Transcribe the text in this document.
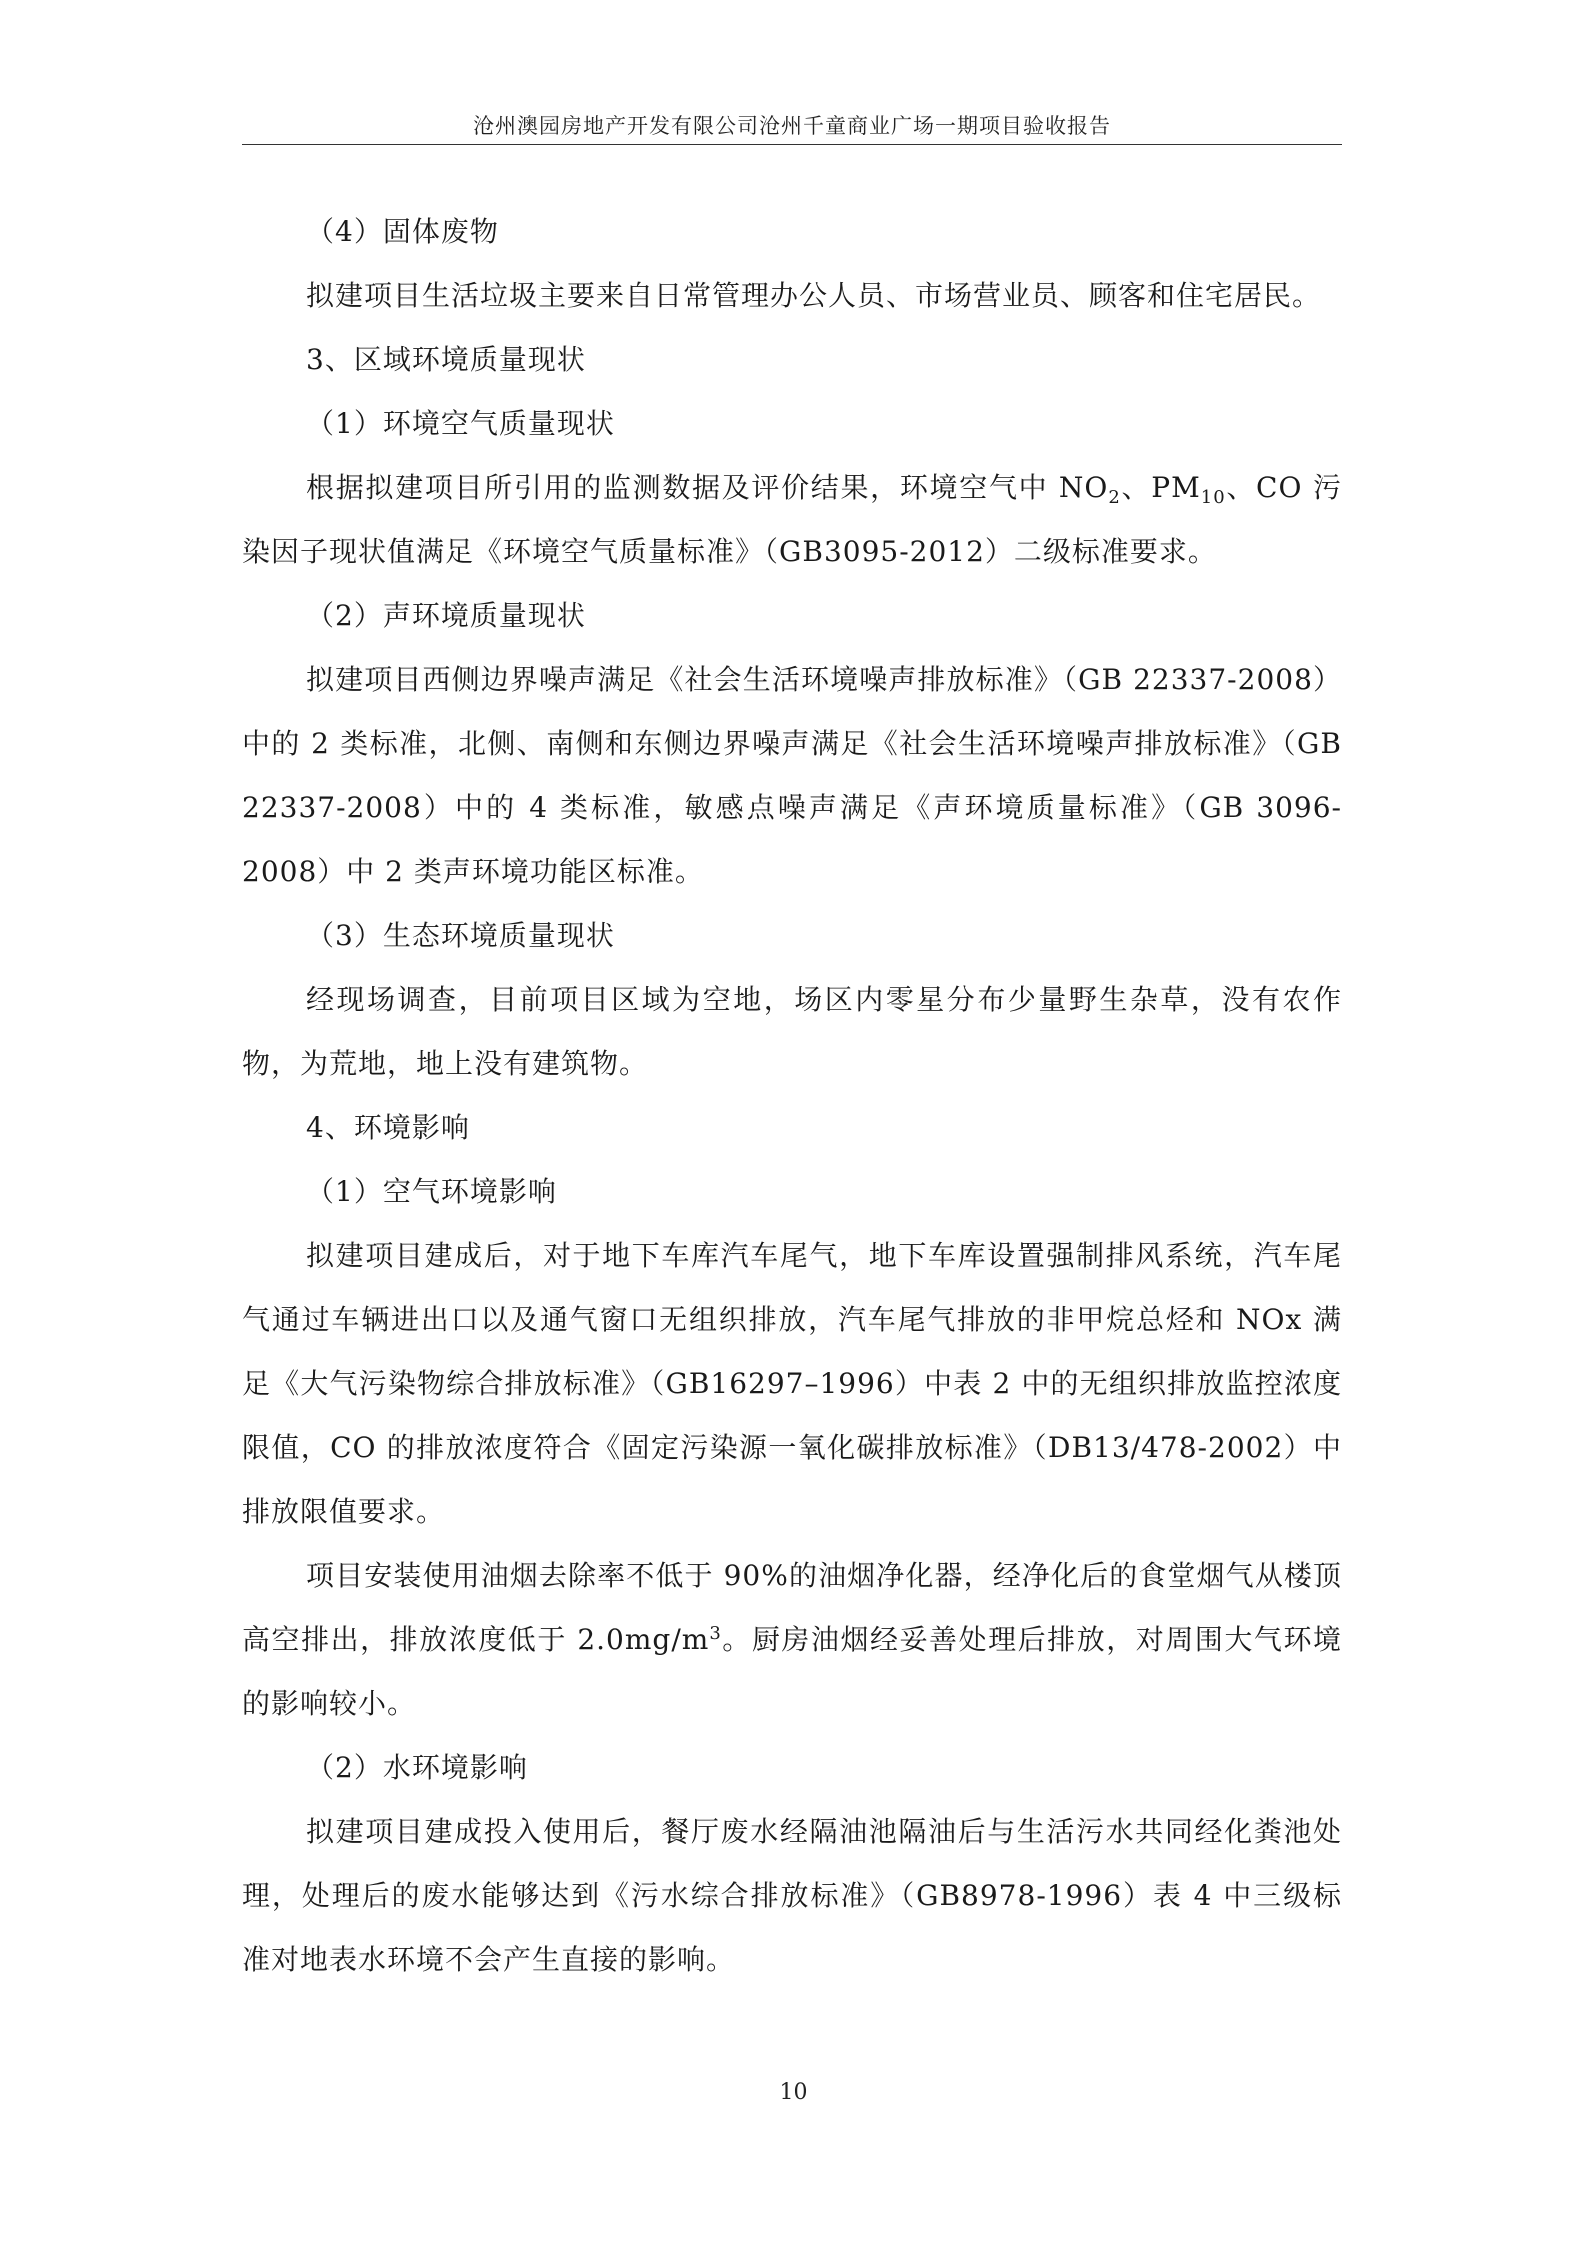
沧州澳园房地产开发有限公司沧州千童商业广场一期项目验收报告

（4）固体废物

拟建项目生活垃圾主要来自日常管理办公人员、市场营业员、顾客和住宅居民。

3、区域环境质量现状

（1）环境空气质量现状

根据拟建项目所引用的监测数据及评价结果，环境空气中 $NO_2$、$PM_{10}$、CO 污染因子现状值满足《环境空气质量标准》（GB3095-2012）二级标准要求。

（2）声环境质量现状

拟建项目西侧边界噪声满足《社会生活环境噪声排放标准》（GB 22337-2008）中的 2 类标准，北侧、南侧和东侧边界噪声满足《社会生活环境噪声排放标准》（GB 22337-2008）中的 4 类标准，敏感点噪声满足《声环境质量标准》（GB 3096-2008）中 2 类声环境功能区标准。

（3）生态环境质量现状

经现场调查，目前项目区域为空地，场区内零星分布少量野生杂草，没有农作物，为荒地，地上没有建筑物。

4、环境影响

（1）空气环境影响

拟建项目建成后，对于地下车库汽车尾气，地下车库设置强制排风系统，汽车尾气通过车辆进出口以及通气窗口无组织排放，汽车尾气排放的非甲烷总烃和 NOx 满足《大气污染物综合排放标准》（GB16297–1996）中表 2 中的无组织排放监控浓度限值，CO 的排放浓度符合《固定污染源一氧化碳排放标准》（DB13/478-2002）中排放限值要求。

项目安装使用油烟去除率不低于 90%的油烟净化器，经净化后的食堂烟气从楼顶高空排出，排放浓度低于 $2.0mg/m^3$。厨房油烟经妥善处理后排放，对周围大气环境的影响较小。

（2）水环境影响

拟建项目建成投入使用后，餐厅废水经隔油池隔油后与生活污水共同经化粪池处理，处理后的废水能够达到《污水综合排放标准》（GB8978-1996）表 4 中三级标准对地表水环境不会产生直接的影响。

10
